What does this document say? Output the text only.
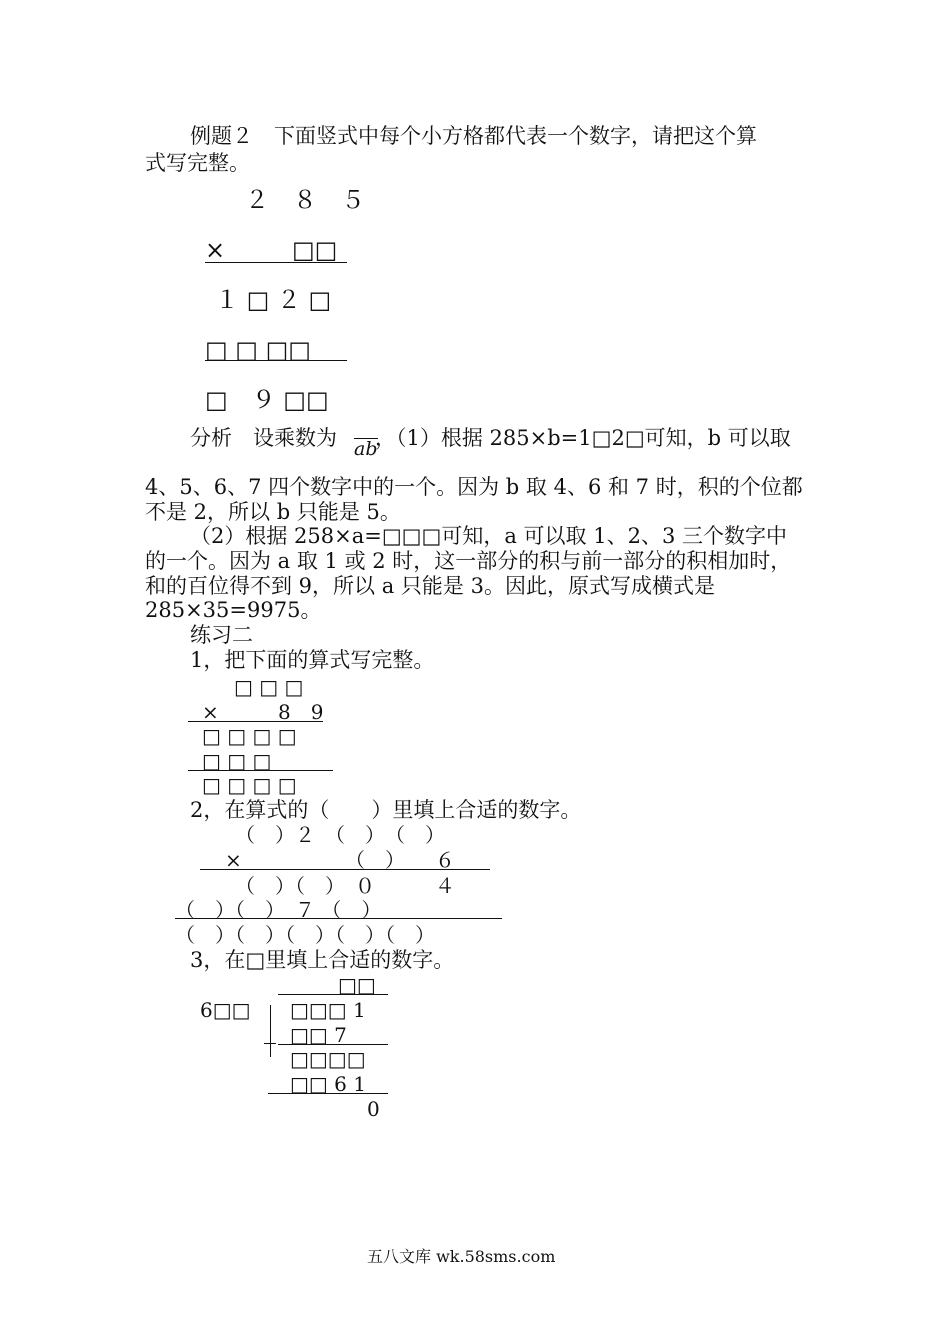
例题２　下面竖式中每个小方格都代表一个数字，请把这个算
式写完整。
２　８　５
×	□□
１ □ ２ □
□ □ □□
□　９ □□
分析　设乘数为 ab
，（1）根据 285×b=1□2□可知，b 可以取
4、5、6、7 四个数字中的一个。因为 b 取 4、6 和 7 时，积的个位都
不是 2，所以 b 只能是 5。
（2）根据 258×a=□□□可知，a 可以取 1、2、3 三个数字中
的一个。因为 a 取 1 或 2 时，这一部分的积与前一部分的积相加时，
和的百位得不到 9，所以 a 只能是 3。因此，原式写成横式是
285×35=9975。
练习二
1，把下面的算式写完整。
□ □ □
×	8　9
□ □ □ □
□ □ □
□ □ □ □
2，在算式的（　　）里填上合适的数字。
（　）２　（　）　（　）
×	（　）　　６
（　）（　）　０　　　４
（　）（　）　７ （　）
（　）（　）（　）（　）（　）
3，在□里填上合适的数字。
□□
6□□ □□□ 1
□□ 7
□□□□
□□ 6 1
0
五八文库 wk.58sms.com
